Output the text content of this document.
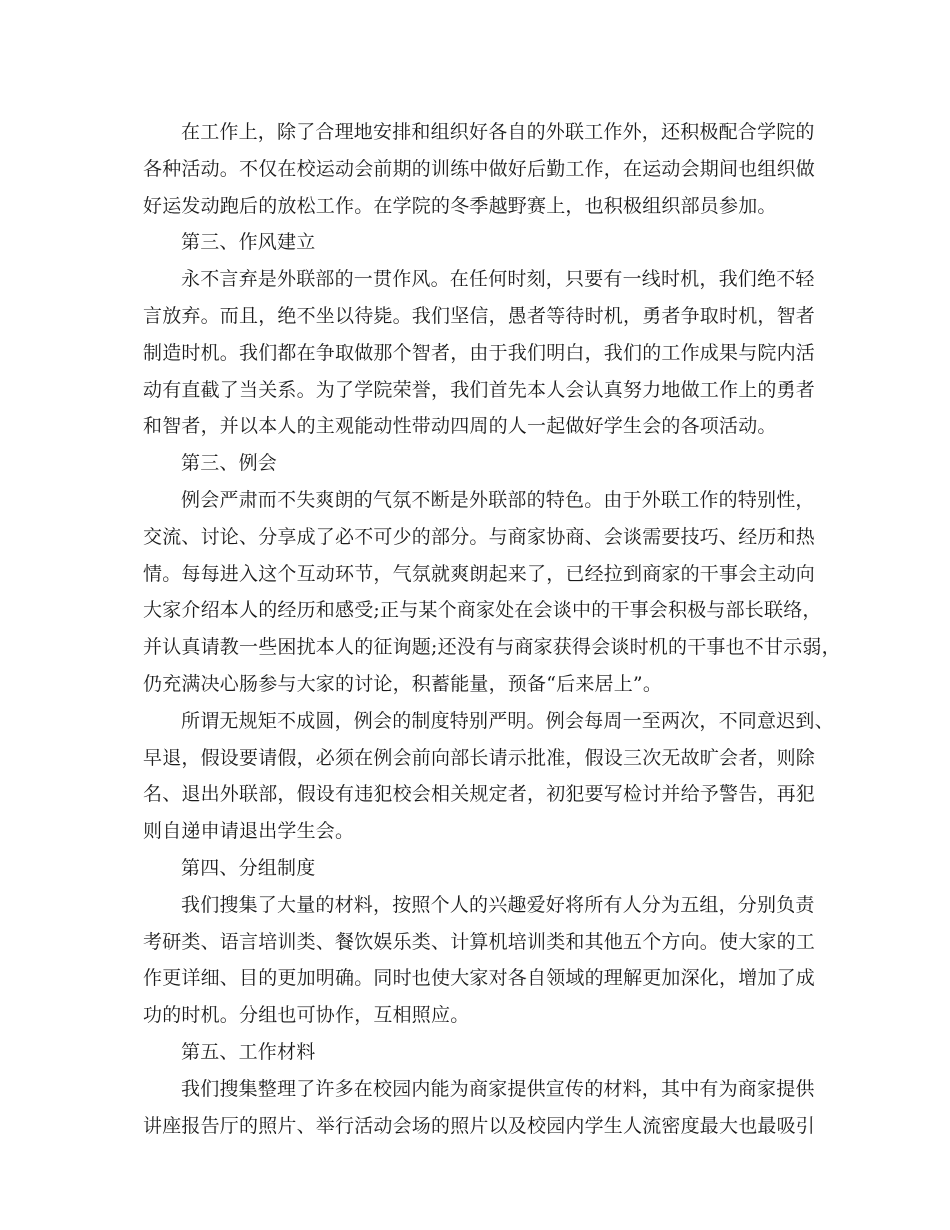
在工作上，除了合理地安排和组织好各自的外联工作外，还积极配合学院的
各种活动。不仅在校运动会前期的训练中做好后勤工作，在运动会期间也组织做
好运发动跑后的放松工作。在学院的冬季越野赛上，也积极组织部员参加。
第三、作风建立
永不言弃是外联部的一贯作风。在任何时刻，只要有一线时机，我们绝不轻
言放弃。而且，绝不坐以待毙。我们坚信，愚者等待时机，勇者争取时机，智者
制造时机。我们都在争取做那个智者，由于我们明白，我们的工作成果与院内活
动有直截了当关系。为了学院荣誉，我们首先本人会认真努力地做工作上的勇者
和智者，并以本人的主观能动性带动四周的人一起做好学生会的各项活动。
第三、例会
例会严肃而不失爽朗的气氛不断是外联部的特色。由于外联工作的特别性，
交流、讨论、分享成了必不可少的部分。与商家协商、会谈需要技巧、经历和热
情。每每进入这个互动环节，气氛就爽朗起来了，已经拉到商家的干事会主动向
大家介绍本人的经历和感受;正与某个商家处在会谈中的干事会积极与部长联络，
并认真请教一些困扰本人的征询题;还没有与商家获得会谈时机的干事也不甘示弱，
仍充满决心肠参与大家的讨论，积蓄能量，预备“后来居上”。
所谓无规矩不成圆，例会的制度特别严明。例会每周一至两次，不同意迟到、
早退，假设要请假，必须在例会前向部长请示批准，假设三次无故旷会者，则除
名、退出外联部，假设有违犯校会相关规定者，初犯要写检讨并给予警告，再犯
则自递申请退出学生会。
第四、分组制度
我们搜集了大量的材料，按照个人的兴趣爱好将所有人分为五组，分别负责
考研类、语言培训类、餐饮娱乐类、计算机培训类和其他五个方向。使大家的工
作更详细、目的更加明确。同时也使大家对各自领域的理解更加深化，增加了成
功的时机。分组也可协作，互相照应。
第五、工作材料
我们搜集整理了许多在校园内能为商家提供宣传的材料，其中有为商家提供
讲座报告厅的照片、举行活动会场的照片以及校园内学生人流密度最大也最吸引
